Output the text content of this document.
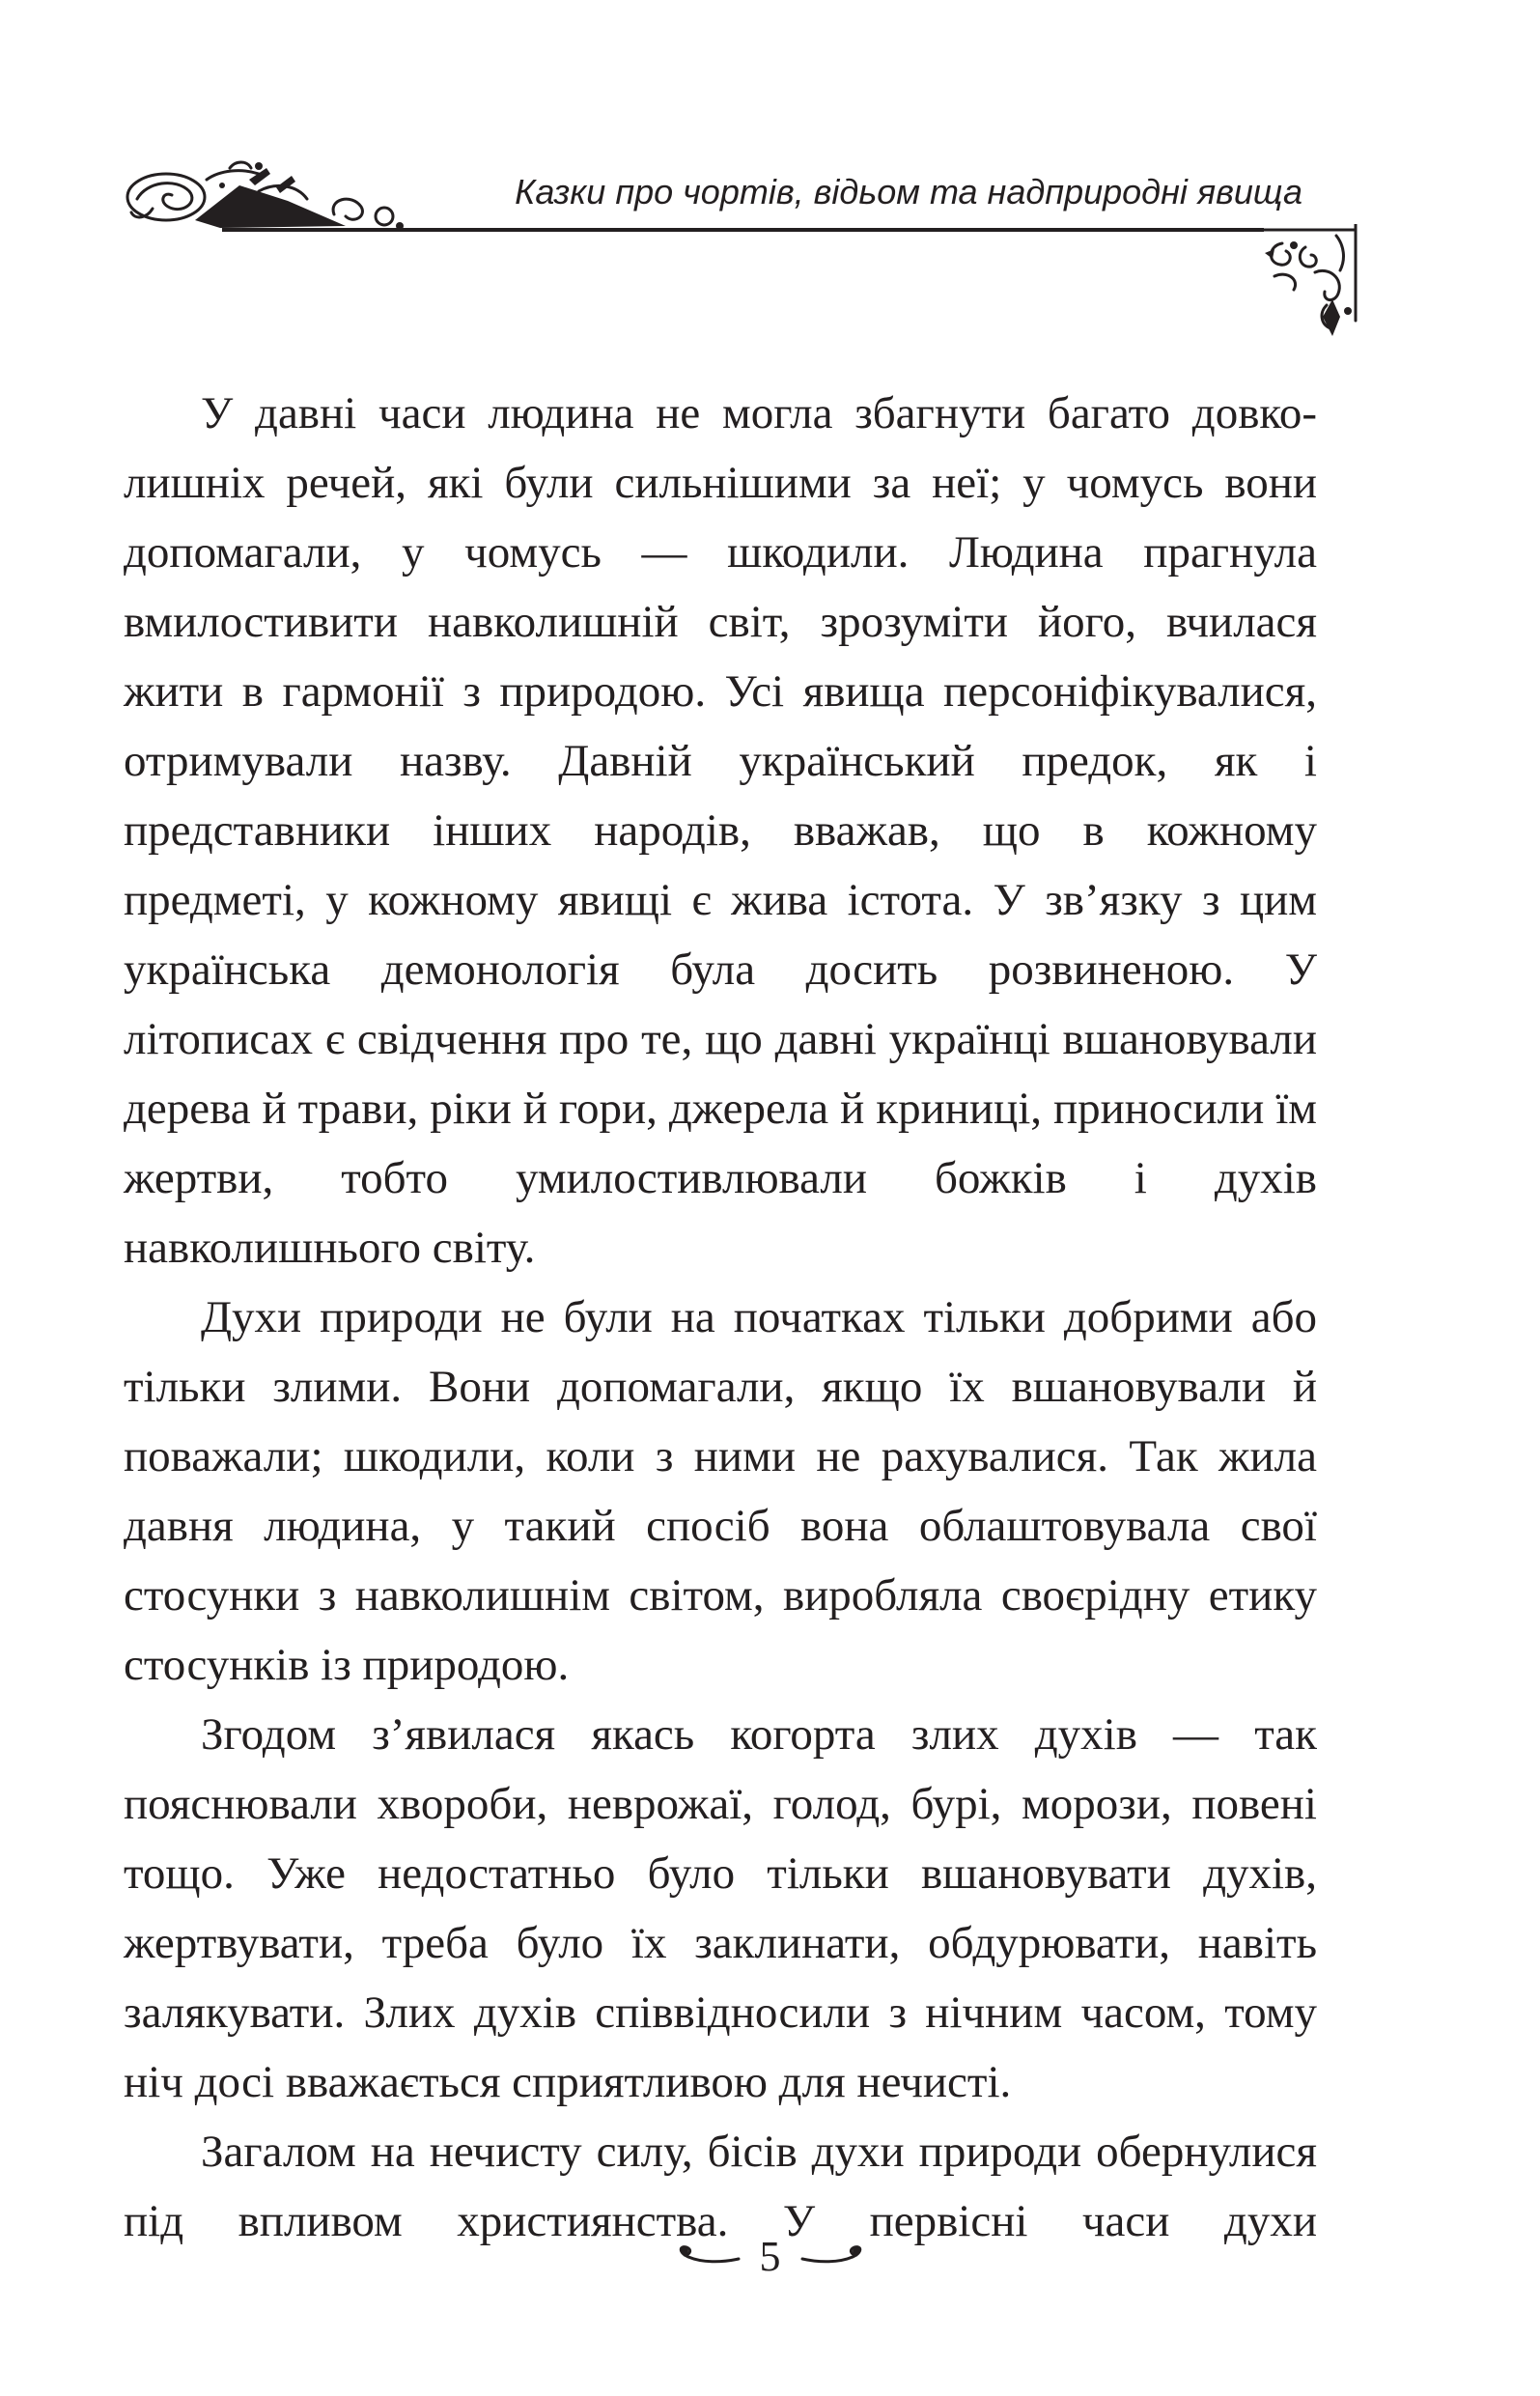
Казки про чортів, відьом та надприродні явища

У давні часи людина не могла збагнути багато довколишніх речей, які були сильнішими за неї; у чомусь вони допомагали, у чомусь — шкодили. Людина прагнула вмилостивити навколишній світ, зрозуміти його, вчилася жити в гармонії з природою. Усі явища персоніфікувалися, отримували назву. Давній український предок, як і представники інших народів, вважав, що в кожному предметі, у кожному явищі є жива істота. У зв’язку з цим українська демонологія була досить розвиненою. У літописах є свідчення про те, що давні українці вшановували дерева й трави, ріки й гори, джерела й криниці, приносили їм жертви, тобто умилостивлювали божків і духів навколишнього світу.

Духи природи не були на початках тільки добрими або тільки злими. Вони допомагали, якщо їх вшановували й поважали; шкодили, коли з ними не рахувалися. Так жила давня людина, у такий спосіб вона облаштовувала свої стосунки з навколишнім світом, виробляла своєрідну етику стосунків із природою.

Згодом з’явилася якась когорта злих духів — так пояснювали хвороби, неврожаї, голод, бурі, морози, повені тощо. Уже недостатньо було тільки вшановувати духів, жертвувати, треба було їх заклинати, обдурювати, навіть залякувати. Злих духів співвідносили з нічним часом, тому ніч досі вважається сприятливою для нечисті.

Загалом на нечисту силу, бісів духи природи обернулися під впливом християнства. У первісні часи духи

5
